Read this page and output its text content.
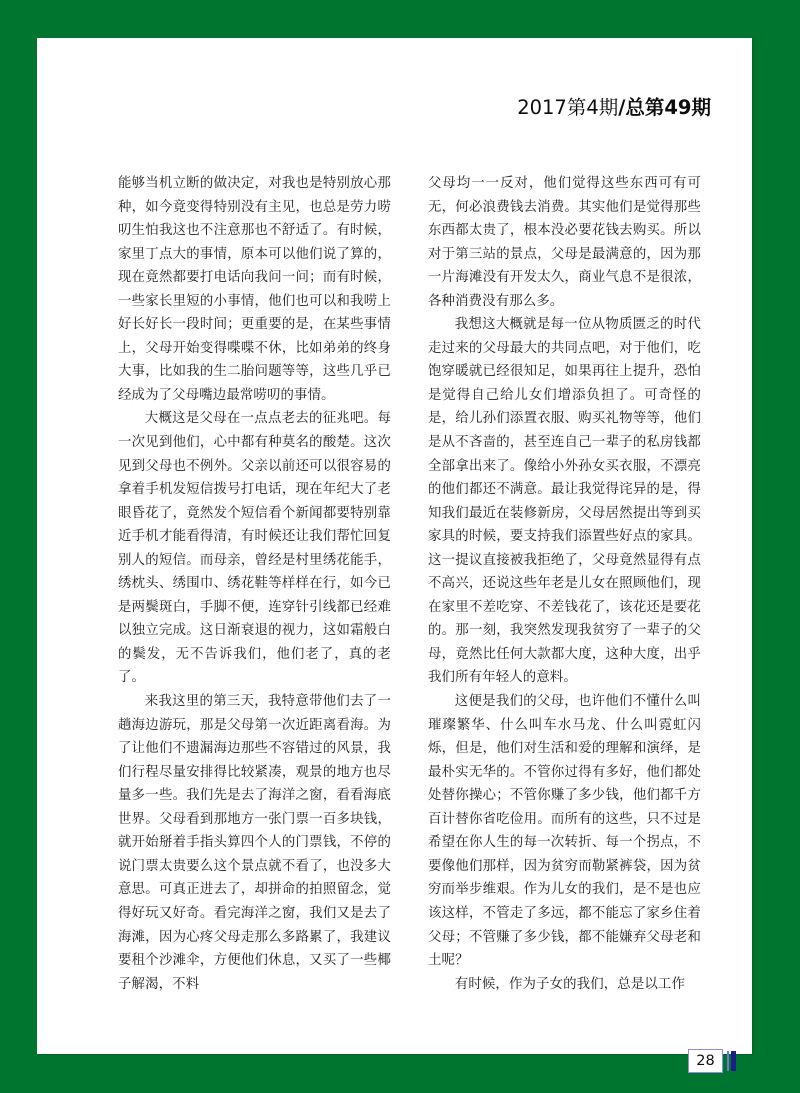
2017第4期/总第49期

能够当机立断的做决定，对我也是特别放心那种，如今竟变得特别没有主见，也总是劳力唠叨生怕我这也不注意那也不舒适了。有时候，家里丁点大的事情，原本可以他们说了算的，现在竟然都要打电话向我问一问；而有时候，一些家长里短的小事情，他们也可以和我唠上好长好长一段时间；更重要的是，在某些事情上，父母开始变得喋喋不休，比如弟弟的终身大事，比如我的生二胎问题等等，这些几乎已经成为了父母嘴边最常唠叨的事情。

大概这是父母在一点点老去的征兆吧。每一次见到他们，心中都有种莫名的酸楚。这次见到父母也不例外。父亲以前还可以很容易的拿着手机发短信拨号打电话，现在年纪大了老眼昏花了，竟然发个短信看个新闻都要特别靠近手机才能看得清，有时候还让我们帮忙回复别人的短信。而母亲，曾经是村里绣花能手，绣枕头、绣围巾、绣花鞋等样样在行，如今已是两鬓斑白，手脚不便，连穿针引线都已经难以独立完成。这日渐衰退的视力，这如霜般白的鬓发，无不告诉我们，他们老了，真的老了。

来我这里的第三天，我特意带他们去了一趟海边游玩，那是父母第一次近距离看海。为了让他们不遗漏海边那些不容错过的风景，我们行程尽量安排得比较紧凑，观景的地方也尽量多一些。我们先是去了海洋之窗，看看海底世界。父母看到那地方一张门票一百多块钱，就开始掰着手指头算四个人的门票钱，不停的说门票太贵要么这个景点就不看了，也没多大意思。可真正进去了，却拼命的拍照留念，觉得好玩又好奇。看完海洋之窗，我们又是去了海滩，因为心疼父母走那么多路累了，我建议要租个沙滩伞，方便他们休息，又买了一些椰子解渴，不料

父母均一一反对，他们觉得这些东西可有可无，何必浪费钱去消费。其实他们是觉得那些东西都太贵了，根本没必要花钱去购买。所以对于第三站的景点，父母是最满意的，因为那一片海滩没有开发太久，商业气息不是很浓，各种消费没有那么多。

我想这大概就是每一位从物质匮乏的时代走过来的父母最大的共同点吧，对于他们，吃饱穿暖就已经很知足，如果再往上提升，恐怕是觉得自己给儿女们增添负担了。可奇怪的是，给儿孙们添置衣服、购买礼物等等，他们是从不吝啬的，甚至连自己一辈子的私房钱都全部拿出来了。像给小外孙女买衣服，不漂亮的他们都还不满意。最让我觉得诧异的是，得知我们最近在装修新房，父母居然提出等到买家具的时候，要支持我们添置些好点的家具。这一提议直接被我拒绝了，父母竟然显得有点不高兴，还说这些年老是儿女在照顾他们，现在家里不差吃穿、不差钱花了，该花还是要花的。那一刻，我突然发现我贫穷了一辈子的父母，竟然比任何大款都大度，这种大度，出乎我们所有年轻人的意料。

这便是我们的父母，也许他们不懂什么叫璀璨繁华、什么叫车水马龙、什么叫霓虹闪烁，但是，他们对生活和爱的理解和演绎，是最朴实无华的。不管你过得有多好，他们都处处替你操心；不管你赚了多少钱，他们都千方百计替你省吃俭用。而所有的这些，只不过是希望在你人生的每一次转折、每一个拐点，不要像他们那样，因为贫穷而勒紧裤袋，因为贫穷而举步维艰。作为儿女的我们，是不是也应该这样，不管走了多远，都不能忘了家乡住着父母；不管赚了多少钱，都不能嫌弃父母老和土呢？

有时候，作为子女的我们，总是以工作

28
